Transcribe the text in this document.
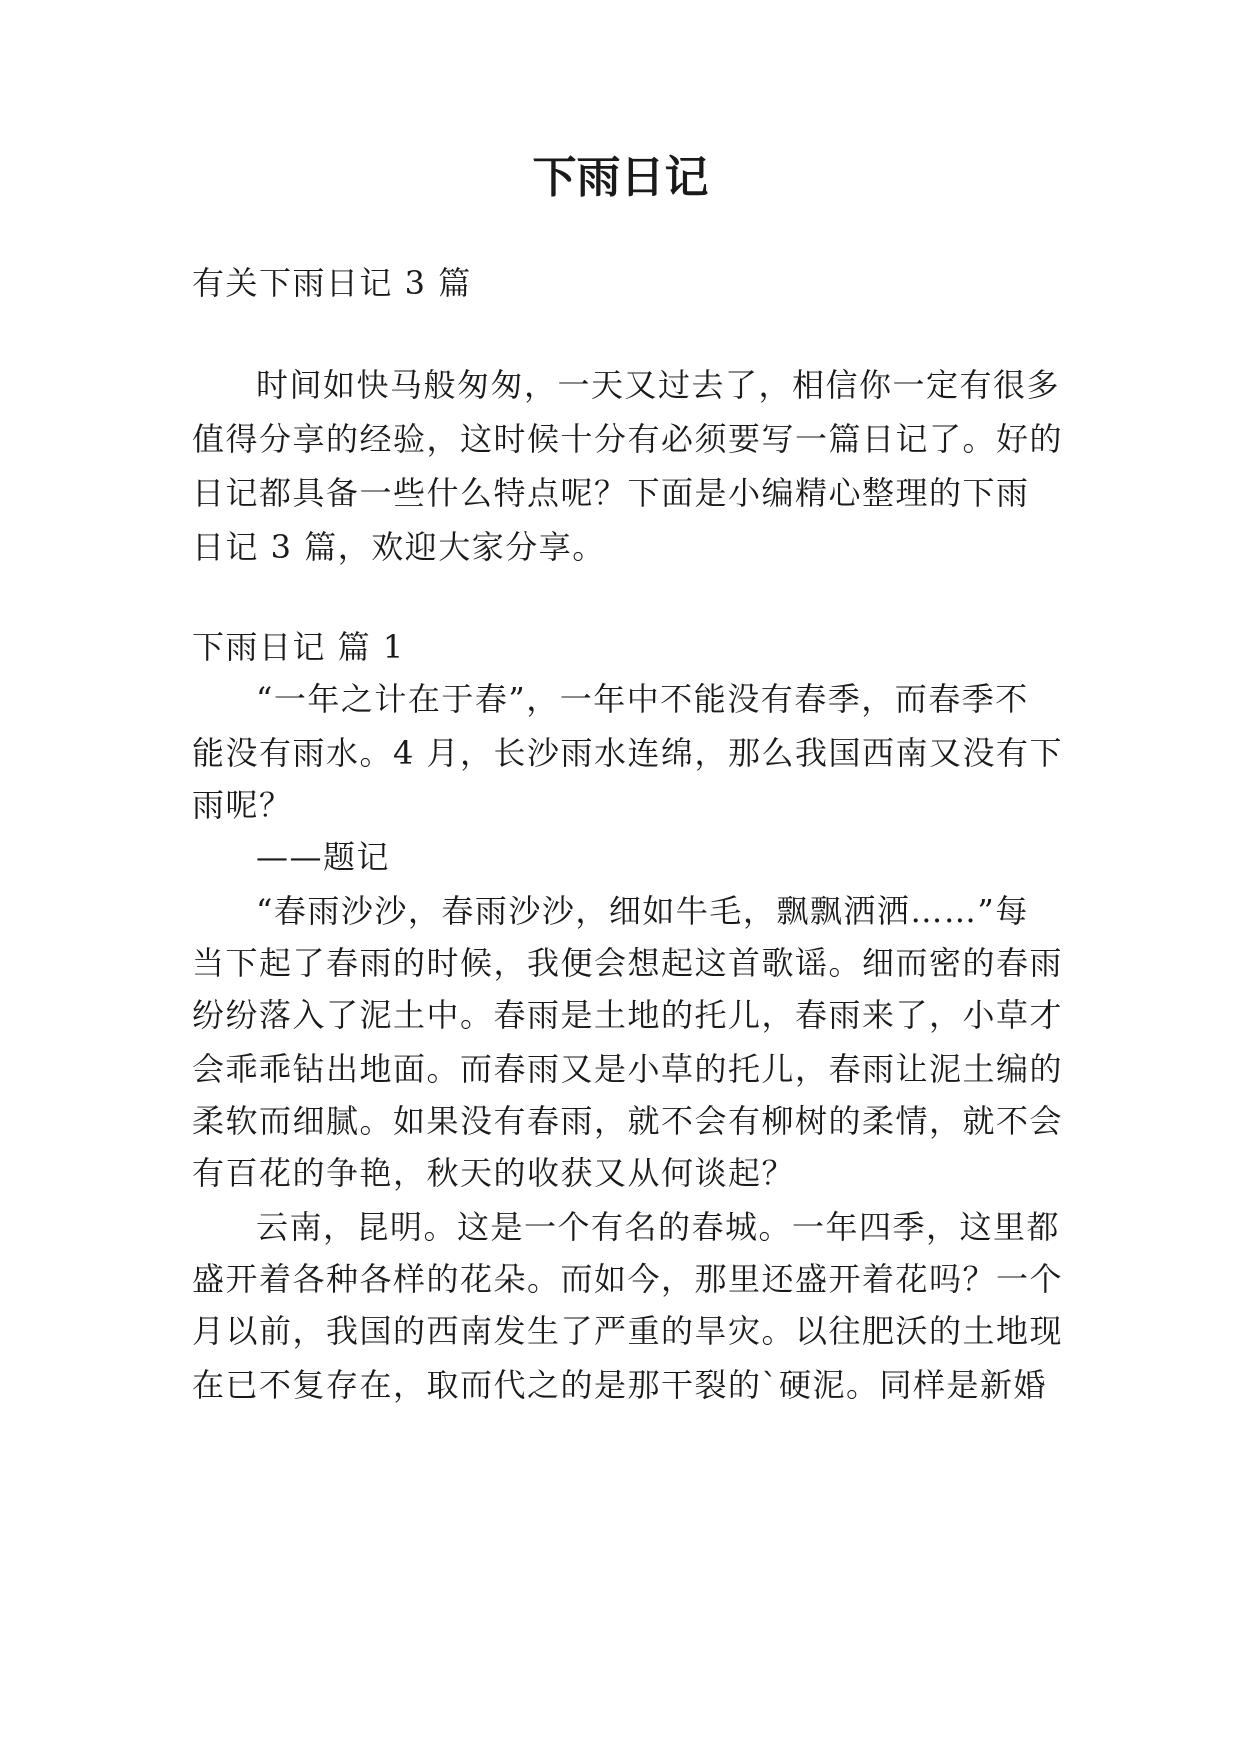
下雨日记

有关下雨日记 3 篇

时间如快马般匆匆，一天又过去了，相信你一定有很多

值得分享的经验，这时候十分有必须要写一篇日记了。好的

日记都具备一些什么特点呢？下面是小编精心整理的下雨

日记 3 篇，欢迎大家分享。

下雨日记 篇 1

“一年之计在于春”，一年中不能没有春季，而春季不

能没有雨水。4 月，长沙雨水连绵，那么我国西南又没有下

雨呢？

——题记

“春雨沙沙，春雨沙沙，细如牛毛，飘飘洒洒……”每

当下起了春雨的时候，我便会想起这首歌谣。细而密的春雨

纷纷落入了泥土中。春雨是土地的托儿，春雨来了，小草才

会乖乖钻出地面。而春雨又是小草的托儿，春雨让泥土编的

柔软而细腻。如果没有春雨，就不会有柳树的柔情，就不会

有百花的争艳，秋天的收获又从何谈起？

云南，昆明。这是一个有名的春城。一年四季，这里都

盛开着各种各样的花朵。而如今，那里还盛开着花吗？一个

月以前，我国的西南发生了严重的旱灾。以往肥沃的土地现

在已不复存在，取而代之的是那干裂的`硬泥。同样是新婚
